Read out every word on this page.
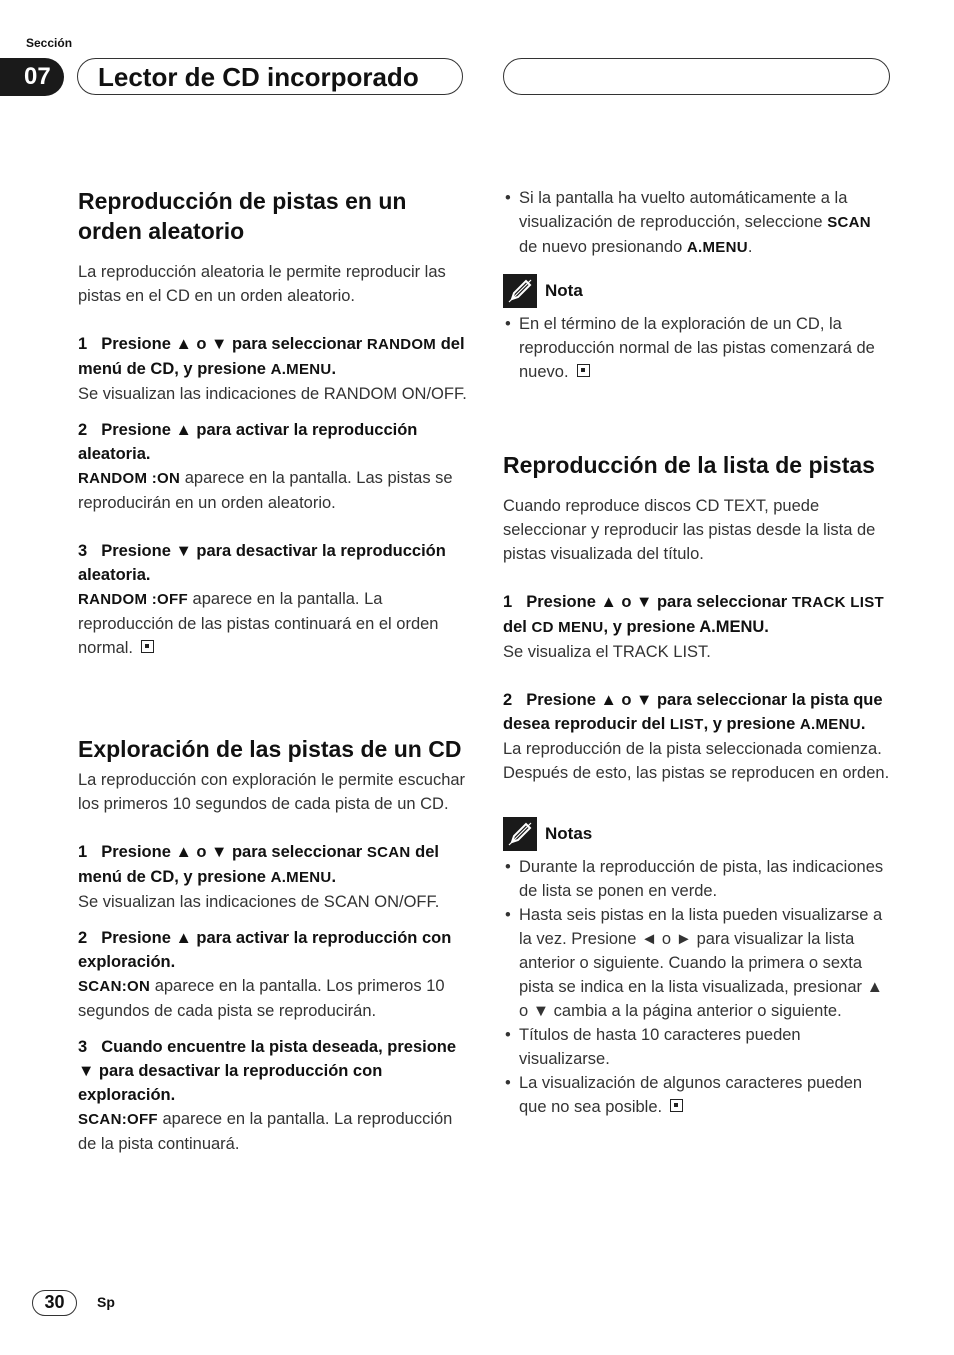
Sección
07	Lector de CD incorporado
Reproducción de pistas en un orden aleatorio

La reproducción aleatoria le permite reproducir las pistas en el CD en un orden aleatorio.

1 Presione ▲ o ▼ para seleccionar RANDOM del menú de CD, y presione A.MENU.

Se visualizan las indicaciones de RANDOM ON/OFF.

2 Presione ▲ para activar la reproducción aleatoria.

RANDOM :ON aparece en la pantalla. Las pistas se reproducirán en un orden aleatorio.

3 Presione ▼ para desactivar la reproducción aleatoria.

RANDOM :OFF aparece en la pantalla. La reproducción de las pistas continuará en el orden normal.

Exploración de las pistas de un CD

La reproducción con exploración le permite escuchar los primeros 10 segundos de cada pista de un CD.

1 Presione ▲ o ▼ para seleccionar SCAN del menú de CD, y presione A.MENU.

Se visualizan las indicaciones de SCAN ON/OFF.

2 Presione ▲ para activar la reproducción con exploración.

SCAN:ON aparece en la pantalla. Los primeros 10 segundos de cada pista se reproducirán.

3 Cuando encuentre la pista deseada, presione ▼ para desactivar la reproducción con exploración.

SCAN:OFF aparece en la pantalla. La reproducción de la pista continuará.

• Si la pantalla ha vuelto automáticamente a la visualización de reproducción, seleccione SCAN de nuevo presionando A.MENU.
Nota
• En el término de la exploración de un CD, la reproducción normal de las pistas comenzará de nuevo.
Reproducción de la lista de pistas

Cuando reproduce discos CD TEXT, puede seleccionar y reproducir las pistas desde la lista de pistas visualizada del título.

1 Presione ▲ o ▼ para seleccionar TRACK LIST del CD MENU, y presione A.MENU.

Se visualiza el TRACK LIST.

2 Presione ▲ o ▼ para seleccionar la pista que desea reproducir del LIST, y presione A.MENU.

La reproducción de la pista seleccionada comienza. Después de esto, las pistas se reproducen en orden.

Notas
• Durante la reproducción de pista, las indicaciones de lista se ponen en verde.
• Hasta seis pistas en la lista pueden visualizarse a la vez. Presione ◄ o ► para visualizar la lista anterior o siguiente. Cuando la primera o sexta pista se indica en la lista visualizada, presionar ▲ o ▼ cambia a la página anterior o siguiente.
• Títulos de hasta 10 caracteres pueden visualizarse.
• La visualización de algunos caracteres pueden que no sea posible.
30	Sp
